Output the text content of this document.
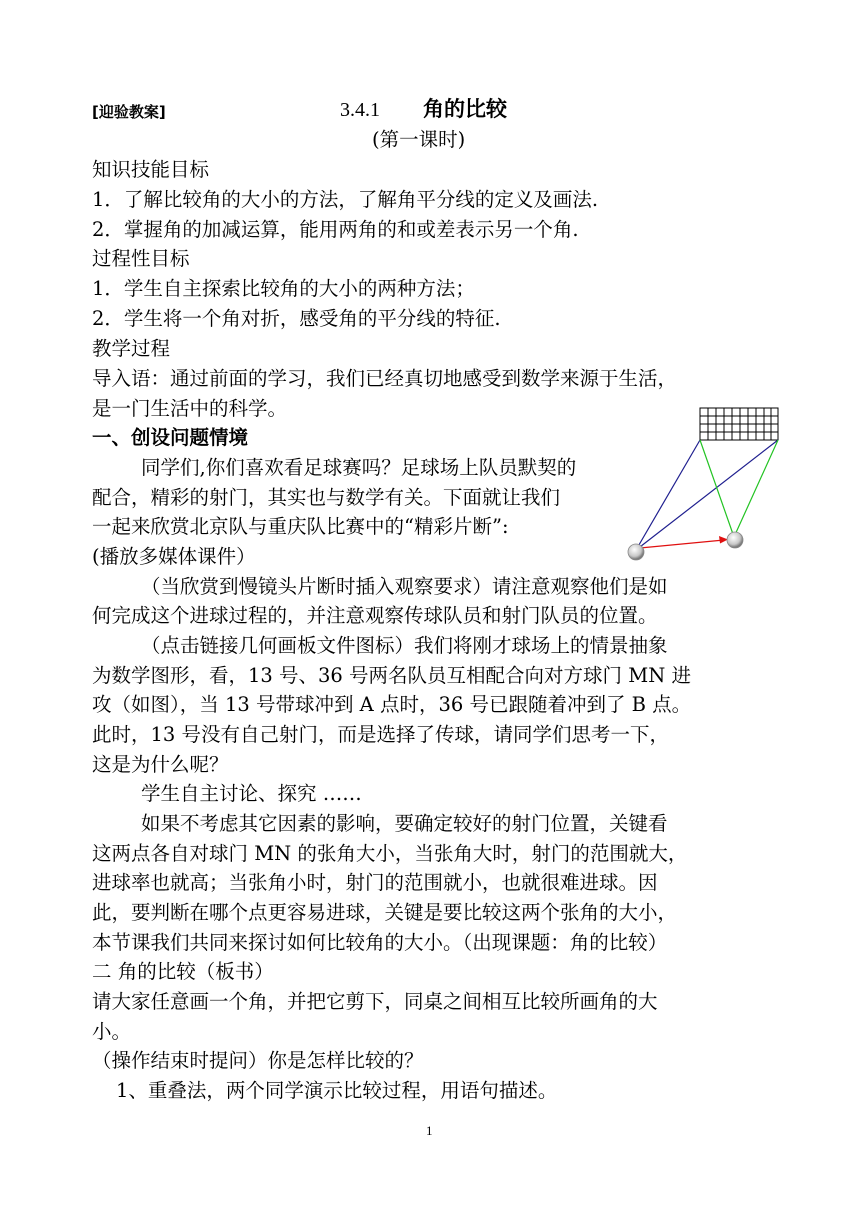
[迎验教案]	3.4.1 角的比较
(第一课时)
知识技能目标
1．了解比较角的大小的方法，了解角平分线的定义及画法.
2．掌握角的加减运算，能用两角的和或差表示另一个角.
过程性目标
1．学生自主探索比较角的大小的两种方法；
2．学生将一个角对折，感受角的平分线的特征.
教学过程
导入语：通过前面的学习，我们已经真切地感受到数学来源于生活，
是一门生活中的科学。
一、创设问题情境
同学们,你们喜欢看足球赛吗？足球场上队员默契的
配合，精彩的射门，其实也与数学有关。下面就让我们
一起来欣赏北京队与重庆队比赛中的“精彩片断”:
(播放多媒体课件）
（当欣赏到慢镜头片断时插入观察要求）请注意观察他们是如
何完成这个进球过程的，并注意观察传球队员和射门队员的位置。
（点击链接几何画板文件图标）我们将刚才球场上的情景抽象
为数学图形，看，13 号、36 号两名队员互相配合向对方球门 MN 进
攻（如图），当 13 号带球冲到 A 点时，36 号已跟随着冲到了 B 点。
此时，13 号没有自己射门，而是选择了传球，请同学们思考一下，
这是为什么呢？
学生自主讨论、探究 ……
如果不考虑其它因素的影响，要确定较好的射门位置，关键看
这两点各自对球门 MN 的张角大小，当张角大时，射门的范围就大，
进球率也就高；当张角小时，射门的范围就小，也就很难进球。因
此，要判断在哪个点更容易进球，关键是要比较这两个张角的大小，
本节课我们共同来探讨如何比较角的大小。（出现课题：角的比较）
二 角的比较（板书）
请大家任意画一个角，并把它剪下，同桌之间相互比较所画角的大
小。
（操作结束时提问）你是怎样比较的？
1、重叠法，两个同学演示比较过程，用语句描述。
1
